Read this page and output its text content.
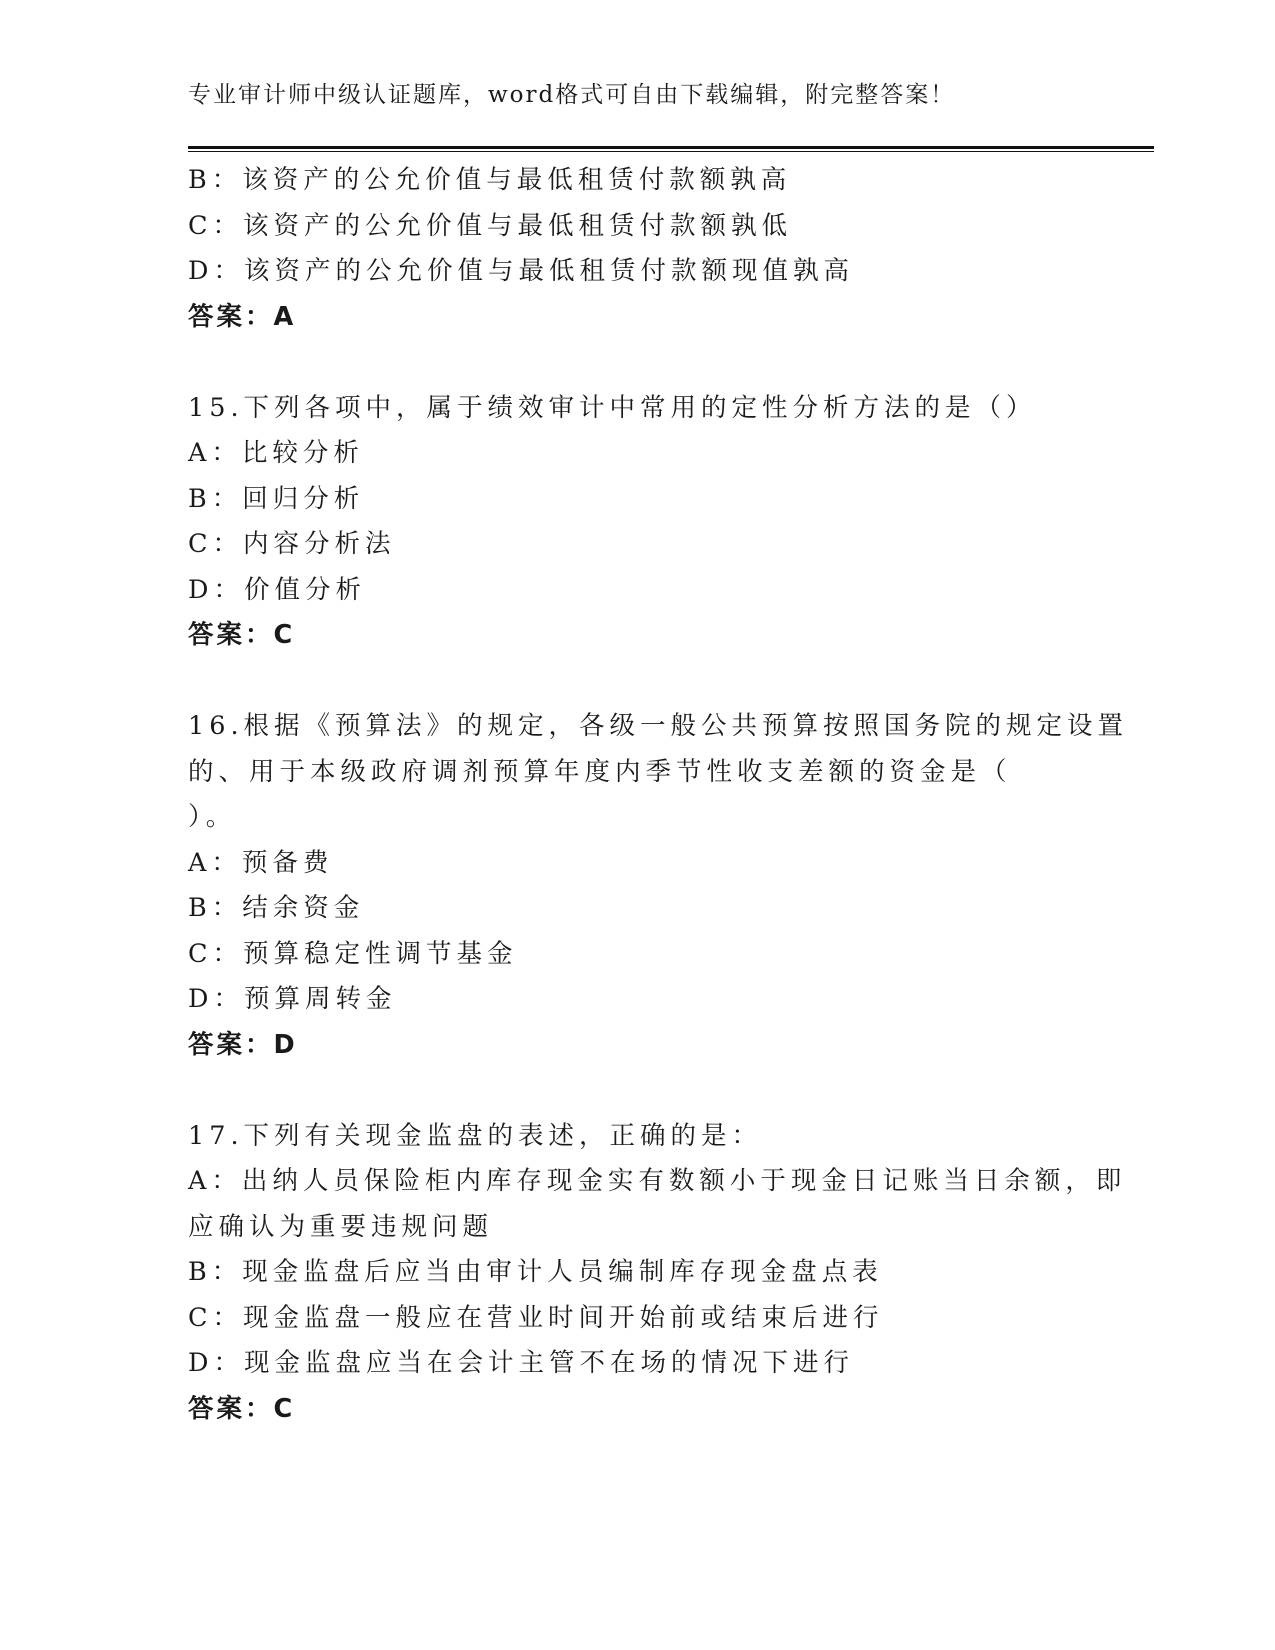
专业审计师中级认证题库，word格式可自由下载编辑，附完整答案！
B：该资产的公允价值与最低租赁付款额孰高
C：该资产的公允价值与最低租赁付款额孰低
D：该资产的公允价值与最低租赁付款额现值孰高
答案：A
15.下列各项中，属于绩效审计中常用的定性分析方法的是（）
A：比较分析
B：回归分析
C：内容分析法
D：价值分析
答案：C
16.根据《预算法》的规定，各级一般公共预算按照国务院的规定设置
的、用于本级政府调剂预算年度内季节性收支差额的资金是（
）。
A：预备费
B：结余资金
C：预算稳定性调节基金
D：预算周转金
答案：D
17.下列有关现金监盘的表述，正确的是：
A：出纳人员保险柜内库存现金实有数额小于现金日记账当日余额，即
应确认为重要违规问题
B：现金监盘后应当由审计人员编制库存现金盘点表
C：现金监盘一般应在营业时间开始前或结束后进行
D：现金监盘应当在会计主管不在场的情况下进行
答案：C
